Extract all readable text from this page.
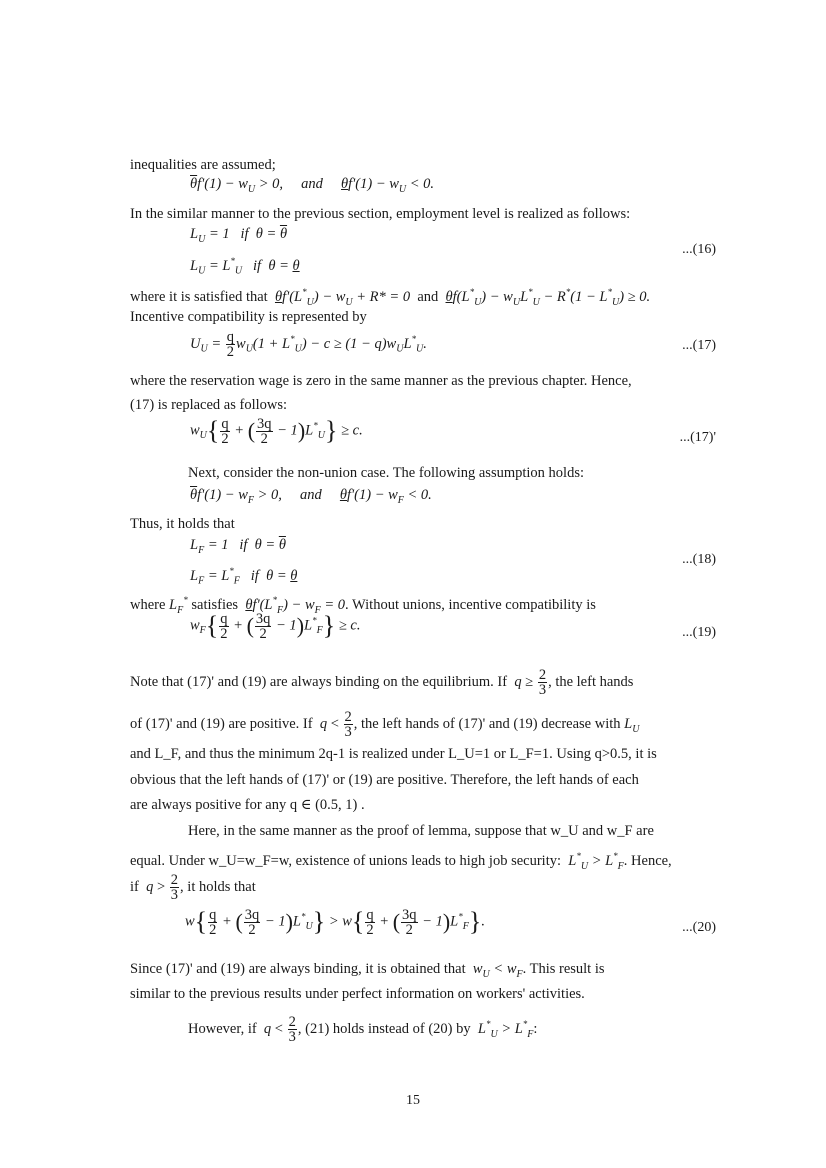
inequalities are assumed;
$\overline{\theta}f'(1) - w_U > 0$,     and     $\theta f'(1) - w_U < 0$.
In the similar manner to the previous section, employment level is realized as follows:
$L_U = 1$   if  $\theta = \overline{\theta}$
$L_U = L^*_U$   if  θ = θ
...(16)
where it is satisfied that $\theta f'(L^*_U) - w_U + R* = 0$ and $\theta f(L^*_U) - w_UL^*_U - R^*(1 - L^*_U) \ge 0$.
Incentive compatibility is represented by
$U_U = \frac{q}{2} w_U(1 + L^*_U) - c \ge (1 - q)w_UL^*_U$.	...(17)
where the reservation wage is zero in the same manner as the previous chapter. Hence,
(17) is replaced as follows:
$w_U\{ \frac{q}{2}$ + ( $\frac{3q}{2} - 1)L^*_U\} \ge c$.	...(17)'
Next, consider the non-union case. The following assumption holds:
$\overline{\theta}f'(1) - w_F > 0$,     and     $\theta f'(1) - w_F < 0$.
Thus, it holds that
$L_F = 1$   if  $\theta = \overline{\theta}$
$L_F = L^*_F$   if  θ = θ
...(18)
where $L_F^*$ satisfies $\theta f'(L^*_F) - w_F = 0$. Without unions, incentive compatibility is
$w_F\{ \frac{q}{2}$ + ( $\frac{3q}{2} - 1)L^*_F\} \ge c$.	...(19)
Note that (17)' and (19) are always binding on the equilibrium. If $q \ge \frac{2}{3}$ , the left hands
of (17)' and (19) are positive. If $q < \frac{2}{3}$ , the left hands of (17)' and (19) decrease with $L_U$
and L_F, and thus the minimum 2q-1 is realized under L_U=1 or L_F=1. Using q>0.5, it is
obvious that the left hands of (17)' or (19) are positive. Therefore, the left hands of each
are always positive for any q ∈ (0.5, 1) .
Here, in the same manner as the proof of lemma, suppose that w_U and w_F are
equal. Under w_U=w_F=w, existence of unions leads to high job security: $L^*_U > L^*_F$. Hence,
if $q > \frac{2}{3}$ , it holds that
$w\{ \frac{q}{2}$ + ( $\frac{3q}{2} - 1)L^*_U\} > w\{ \frac{q}{2}$ + ( $\frac{3q}{2} - 1)L^*_F$}.	...(20)
Since (17)' and (19) are always binding, it is obtained that $w_U < w_F$. This result is
similar to the previous results under perfect information on workers' activities.
However, if $q < \frac{2}{3}$ , (21) holds instead of (20) by $L^*_U > L^*_F$:
15
